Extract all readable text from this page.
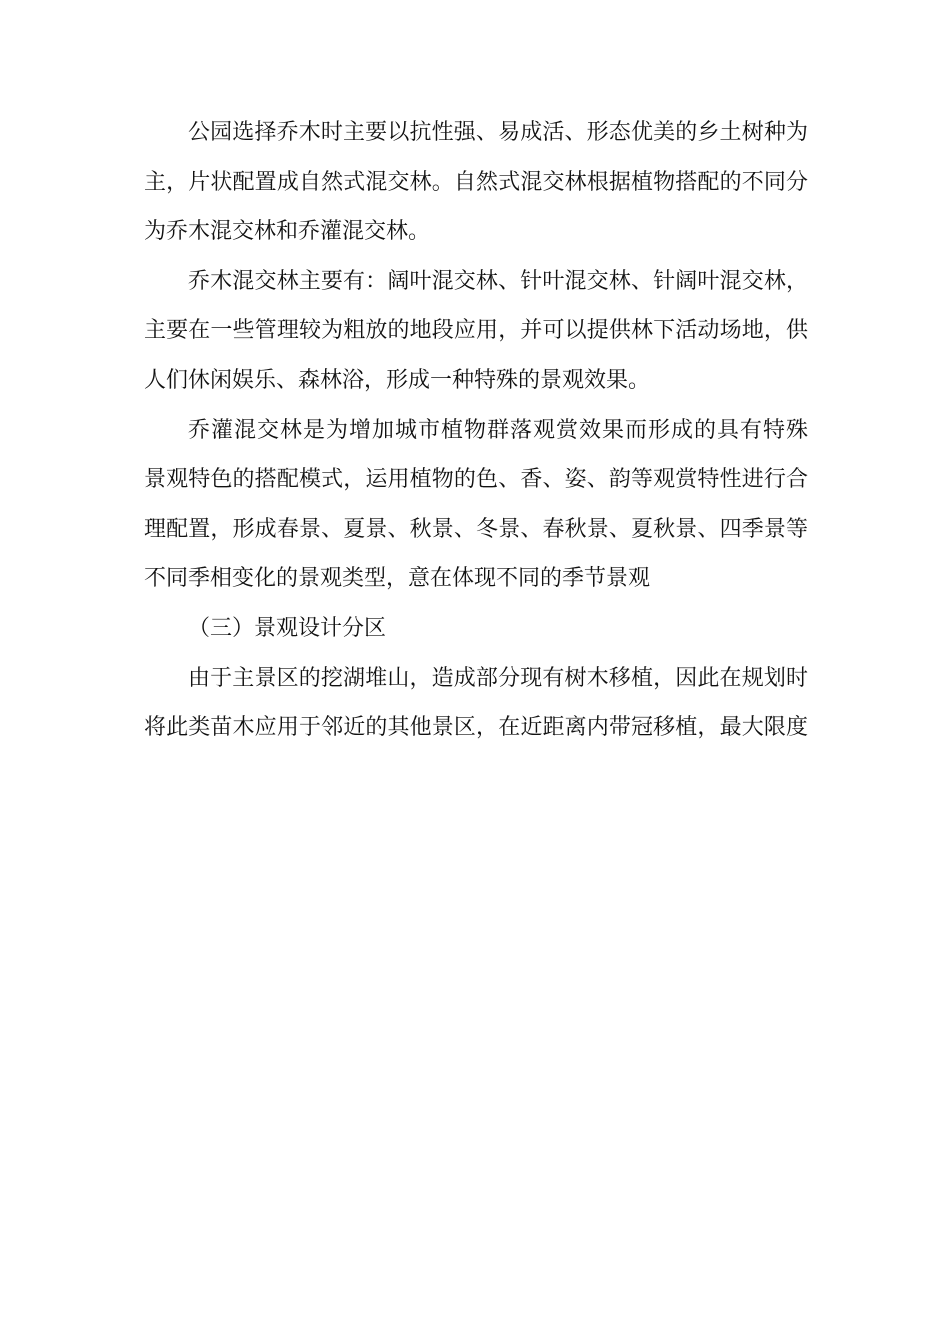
公园选择乔木时主要以抗性强、易成活、形态优美的乡土树种为
主，片状配置成自然式混交林。自然式混交林根据植物搭配的不同分
为乔木混交林和乔灌混交林。

乔木混交林主要有：阔叶混交林、针叶混交林、针阔叶混交林，
主要在一些管理较为粗放的地段应用，并可以提供林下活动场地，供
人们休闲娱乐、森林浴，形成一种特殊的景观效果。

乔灌混交林是为增加城市植物群落观赏效果而形成的具有特殊
景观特色的搭配模式，运用植物的色、香、姿、韵等观赏特性进行合
理配置，形成春景、夏景、秋景、冬景、春秋景、夏秋景、四季景等
不同季相变化的景观类型，意在体现不同的季节景观

（三）景观设计分区

由于主景区的挖湖堆山，造成部分现有树木移植，因此在规划时
将此类苗木应用于邻近的其他景区，在近距离内带冠移植，最大限度
